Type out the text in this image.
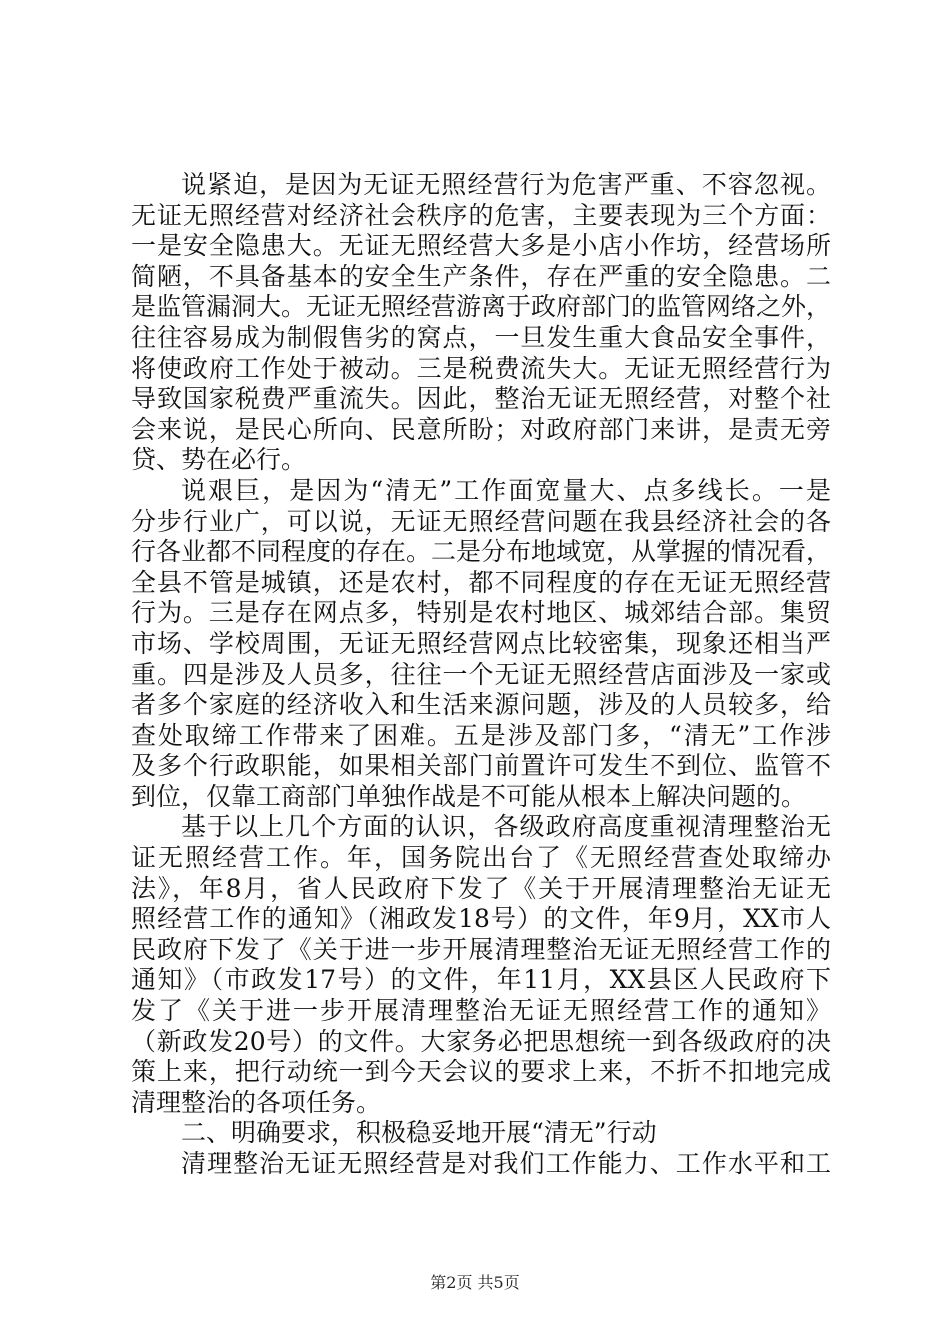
说紧迫，是因为无证无照经营行为危害严重、不容忽视。
无证无照经营对经济社会秩序的危害，主要表现为三个方面：
一是安全隐患大。无证无照经营大多是小店小作坊，经营场所
简陋，不具备基本的安全生产条件，存在严重的安全隐患。二
是监管漏洞大。无证无照经营游离于政府部门的监管网络之外，
往往容易成为制假售劣的窝点，一旦发生重大食品安全事件，
将使政府工作处于被动。三是税费流失大。无证无照经营行为
导致国家税费严重流失。因此，整治无证无照经营，对整个社
会来说，是民心所向、民意所盼；对政府部门来讲，是责无旁
贷、势在必行。
说艰巨，是因为“清无”工作面宽量大、点多线长。一是
分步行业广，可以说，无证无照经营问题在我县经济社会的各
行各业都不同程度的存在。二是分布地域宽，从掌握的情况看，
全县不管是城镇，还是农村，都不同程度的存在无证无照经营
行为。三是存在网点多，特别是农村地区、城郊结合部。集贸
市场、学校周围，无证无照经营网点比较密集，现象还相当严
重。四是涉及人员多，往往一个无证无照经营店面涉及一家或
者多个家庭的经济收入和生活来源问题，涉及的人员较多，给
查处取缔工作带来了困难。五是涉及部门多，“清无”工作涉
及多个行政职能，如果相关部门前置许可发生不到位、监管不
到位，仅靠工商部门单独作战是不可能从根本上解决问题的。
基于以上几个方面的认识，各级政府高度重视清理整治无
证无照经营工作。年，国务院出台了《无照经营查处取缔办
法》，年8月，省人民政府下发了《关于开展清理整治无证无
照经营工作的通知》（湘政发18号）的文件，年9月，XX市人
民政府下发了《关于进一步开展清理整治无证无照经营工作的
通知》（市政发17号）的文件，年11月，XX县区人民政府下
发了《关于进一步开展清理整治无证无照经营工作的通知》
（新政发20号）的文件。大家务必把思想统一到各级政府的决
策上来，把行动统一到今天会议的要求上来，不折不扣地完成
清理整治的各项任务。
二、明确要求，积极稳妥地开展“清无”行动
清理整治无证无照经营是对我们工作能力、工作水平和工
第2页 共5页
